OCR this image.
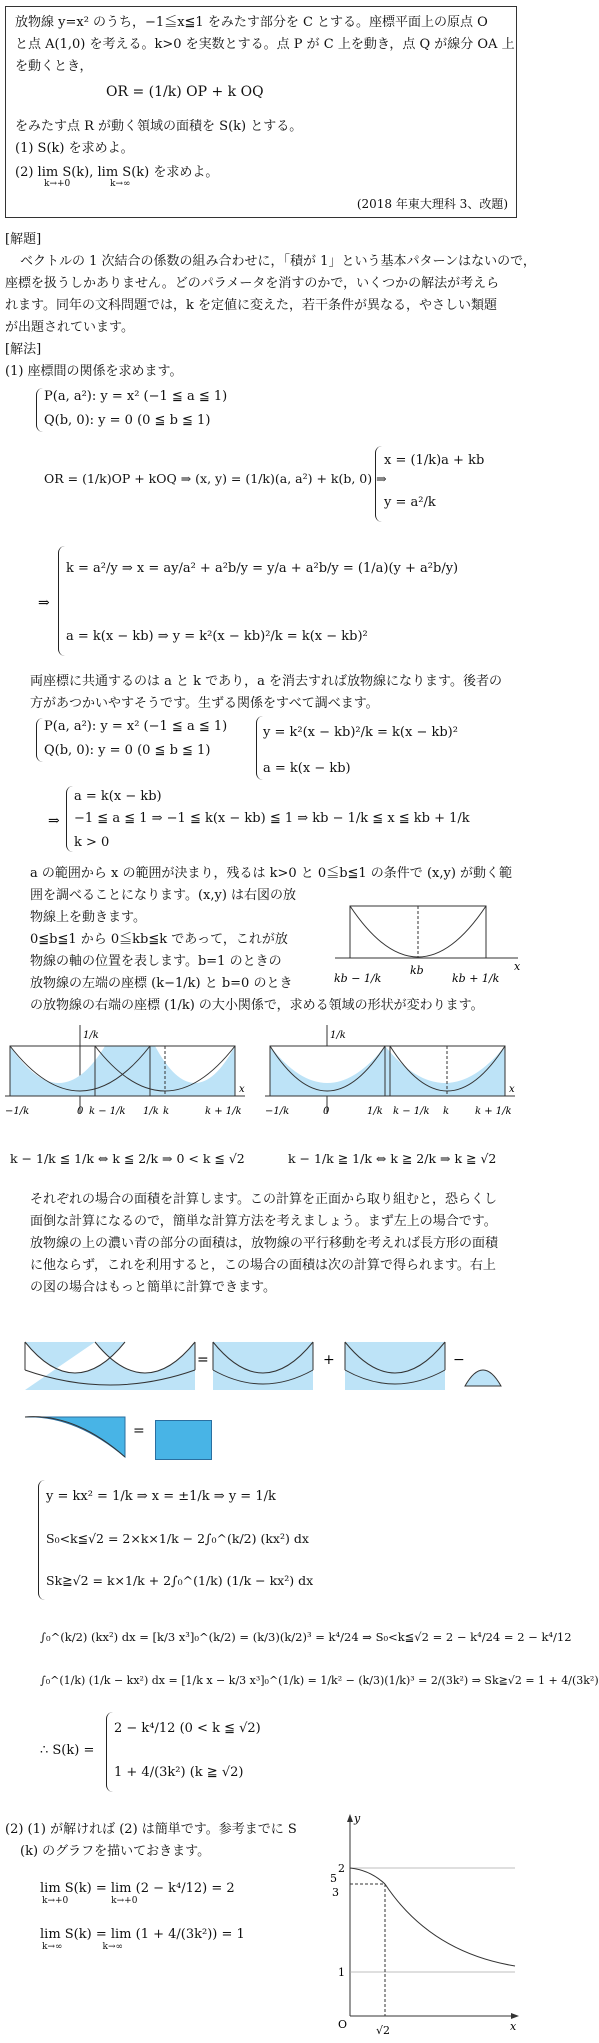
放物線 y=x² のうち，−1≦x≦1 をみたす部分を C とする。座標平面上の原点 O
と点 A(1,0) を考える。k>0 を実数とする。点 P が C 上を動き，点 Q が線分 OA 上
を動くとき，
OR = (1/k) OP + k OQ
をみたす点 R が動く領域の面積を S(k) とする。
(1) S(k) を求めよ。
(2) lim S(k), lim S(k) を求めよ。
k→+0	k→∞
(2018 年東大理科 3、改題)
[解題]
ベクトルの 1 次結合の係数の組み合わせに，「積が 1」という基本パターンはないので，
座標を扱うしかありません。どのパラメータを消すのかで，いくつかの解法が考えら
れます。同年の文科問題では，k を定値に変えた，若干条件が異なる，やさしい類題
が出題されています。
[解法]
(1) 座標間の関係を求めます。
P(a, a²): y = x² (−1 ≦ a ≦ 1)
Q(b, 0): y = 0 (0 ≦ b ≦ 1)
OR = (1/k)OP + kOQ ⇒ (x, y) = (1/k)(a, a²) + k(b, 0) ⇒
x = (1/k)a + kb
y = a²/k
⇒
k = a²/y ⇒ x = ay/a² + a²b/y = y/a + a²b/y = (1/a)(y + a²b/y)
a = k(x − kb) ⇒ y = k²(x − kb)²/k = k(x − kb)²
両座標に共通するのは a と k であり，a を消去すれば放物線になります。後者の
方があつかいやすそうです。生ずる関係をすべて調べます。
P(a, a²): y = x² (−1 ≦ a ≦ 1)
Q(b, 0): y = 0 (0 ≦ b ≦ 1)
y = k²(x − kb)²/k = k(x − kb)²
a = k(x − kb)
⇒
a = k(x − kb)
−1 ≦ a ≦ 1 ⇒ −1 ≦ k(x − kb) ≦ 1 ⇒ kb − 1/k ≦ x ≦ kb + 1/k
k > 0
a の範囲から x の範囲が決まり，残るは k>0 と 0≦b≦1 の条件で (x,y) が動く範
囲を調べることになります。(x,y) は右図の放
物線上を動きます。
0≦b≦1 から 0≦kb≦k であって，これが放
物線の軸の位置を表します。b=1 のときの
放物線の左端の座標 (k−1/k) と b=0 のとき
の放物線の右端の座標 (1/k) の大小関係で，求める領域の形状が変わります。
x
kb − 1/k
kb
kb + 1/k
1/k
x
−1/k	0 k − 1/k 1/k k	k + 1/k
1/k
x
−1/k	0	1/k k − 1/k k	k + 1/k
k − 1/k ≦ 1/k ⇔ k ≦ 2/k ⇒ 0 < k ≦ √2	k − 1/k ≧ 1/k ⇔ k ≧ 2/k ⇒ k ≧ √2
それぞれの場合の面積を計算します。この計算を正面から取り組むと，恐らくし
面倒な計算になるので，簡単な計算方法を考えましょう。まず左上の場合です。
放物線の上の濃い青の部分の面積は，放物線の平行移動を考えれば長方形の面積
に他ならず，これを利用すると，この場合の面積は次の計算で得られます。右上
の図の場合はもっと簡単に計算できます。
=	+	−
=
y = kx² = 1/k ⇒ x = ±1/k ⇒ y = 1/k
S₀<k≦√2 = 2×k×1/k − 2∫₀^(k/2) (kx²) dx
Sk≧√2 = k×1/k + 2∫₀^(1/k) (1/k − kx²) dx
∫₀^(k/2) (kx²) dx = [k/3 x³]₀^(k/2) = (k/3)(k/2)³ = k⁴/24 ⇒ S₀<k≦√2 = 2 − k⁴/24 = 2 − k⁴/12
∫₀^(1/k) (1/k − kx²) dx = [1/k x − k/3 x³]₀^(1/k) = 1/k² − (k/3)(1/k)³ = 2/(3k²) ⇒ Sk≧√2 = 1 + 4/(3k²)
∴ S(k) =
2 − k⁴/12 (0 < k ≦ √2)
1 + 4/(3k²) (k ≧ √2)
(2) (1) が解ければ (2) は簡単です。参考までに S
(k) のグラフを描いておきます。
lim S(k) = lim (2 − k⁴/12) = 2
k→+0               k→+0
lim S(k) = lim (1 + 4/(3k²)) = 1
k→∞              k→∞
y
x
O
2
5
3
1
√2
